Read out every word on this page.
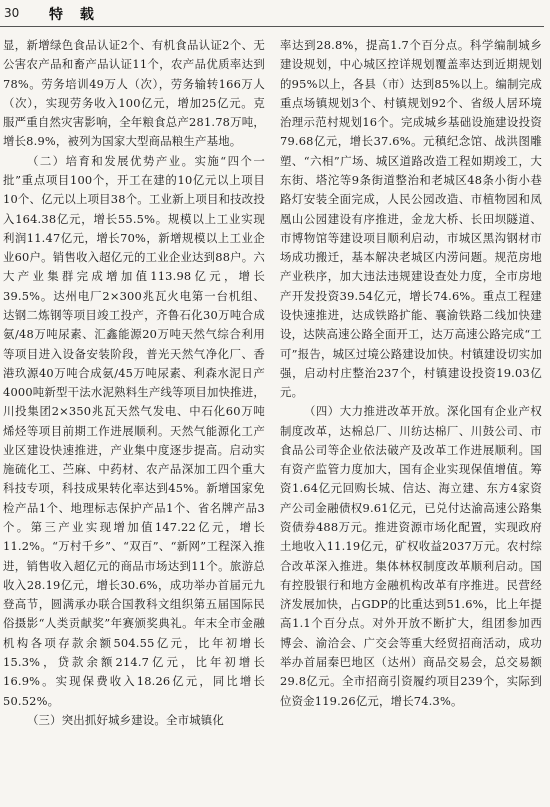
30 特 载

显，新增绿色食品认证2个、有机食品认证2个、无公害农产品和畜产品认证11个，农产品优质率达到78%。劳务培训49万人（次），劳务输转166万人（次），实现劳务收入100亿元，增加25亿元。克服严重自然灾害影响，全年粮食总产281.78万吨，增长8.9%，被列为国家大型商品粮生产基地。

（二）培育和发展优势产业。实施“四个一批”重点项目100个，开工在建的10亿元以上项目10个、亿元以上项目38个。工业新上项目和技改投入164.38亿元，增长55.5%。规模以上工业实现利润11.47亿元，增长70%，新增规模以上工业企业60户。销售收入超亿元的工业企业达到88户。六大产业集群完成增加值113.98亿元，增长39.5%。达州电厂2×300兆瓦火电第一台机组、达钢二炼钢等项目竣工投产，齐鲁石化30万吨合成氨/48万吨尿素、汇鑫能源20万吨天然气综合利用等项目进入设备安装阶段，普光天然气净化厂、香港玖源40万吨合成氨/45万吨尿素、利森水泥日产4000吨新型干法水泥熟料生产线等项目加快推进，川投集团2×350兆瓦天然气发电、中石化60万吨烯烃等项目前期工作进展顺利。天然气能源化工产业区建设快速推进，产业集中度逐步提高。启动实施硫化工、苎麻、中药材、农产品深加工四个重大科技专项，科技成果转化率达到45%。新增国家免检产品1个、地理标志保护产品1个、省名牌产品3个。第三产业实现增加值147.22亿元，增长11.2%。“万村千乡”、“双百”、“新网”工程深入推进，销售收入超亿元的商品市场达到11个。旅游总收入28.19亿元，增长30.6%，成功举办首届元九登高节，圆满承办联合国教科文组织第五届国际民俗摄影“人类贡献奖”年赛颁奖典礼。年末全市金融机构各项存款余额504.55亿元，比年初增长15.3%，贷款余额214.7亿元，比年初增长16.9%。实现保费收入18.26亿元，同比增长50.52%。

（三）突出抓好城乡建设。全市城镇化

率达到28.8%，提高1.7个百分点。科学编制城乡建设规划，中心城区控详规划覆盖率达到近期规划的95%以上，各县（市）达到85%以上。编制完成重点场镇规划3个、村镇规划92个、省级人居环境治理示范村规划16个。完成城乡基础设施建设投资79.68亿元，增长37.6%。元稹纪念馆、战洪图雕塑、“六相”广场、城区道路改造工程如期竣工，大东街、塔沱等9条街道整治和老城区48条小街小巷路灯安装全面完成，人民公园改造、市植物园和凤凰山公园建设有序推进，金龙大桥、长田坝隧道、市博物馆等建设项目顺利启动，市城区黑沟钢材市场成功搬迁，基本解决老城区内涝问题。规范房地产业秩序，加大违法违规建设查处力度，全市房地产开发投资39.54亿元，增长74.6%。重点工程建设快速推进，达成铁路扩能、襄渝铁路二线加快建设，达陕高速公路全面开工，达万高速公路完成“工可”报告，城区过境公路建设加快。村镇建设切实加强，启动村庄整治237个，村镇建设投资19.03亿元。

（四）大力推进改革开放。深化国有企业产权制度改革，达棉总厂、川纺达棉厂、川鼓公司、市食品公司等企业依法破产及改革工作进展顺利。国有资产监管力度加大，国有企业实现保值增值。筹资1.64亿元回购长城、信达、海立建、东方4家资产公司金融债权9.61亿元，已兑付达渝高速公路集资债券488万元。推进资源市场化配置，实现政府土地收入11.19亿元，矿权收益2037万元。农村综合改革深入推进。集体林权制度改革顺利启动。国有控股银行和地方金融机构改革有序推进。民营经济发展加快，占GDP的比重达到51.6%，比上年提高1.1个百分点。对外开放不断扩大，组团参加西博会、渝洽会、广交会等重大经贸招商活动，成功举办首届秦巴地区（达州）商品交易会，总交易额29.8亿元。全市招商引资履约项目239个，实际到位资金119.26亿元，增长74.3%。
